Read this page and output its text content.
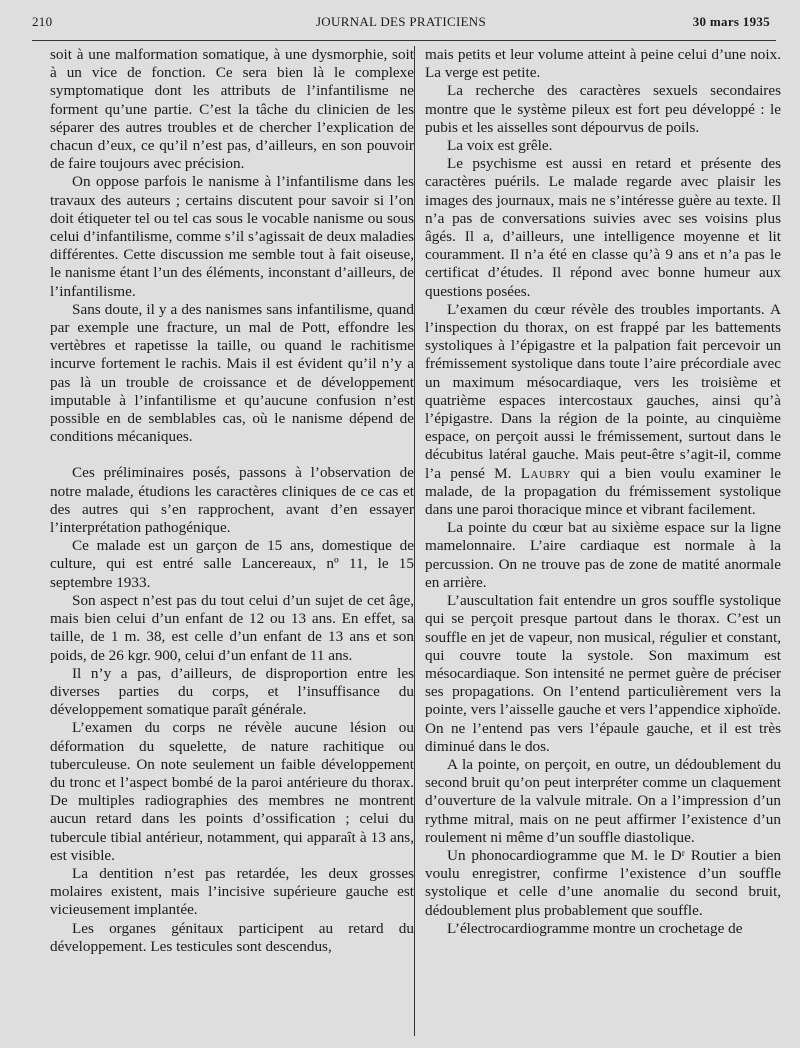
210	JOURNAL DES PRATICIENS	30 mars 1935

soit à une malformation somatique, à une dysmorphie, soit à un vice de fonction. Ce sera bien là le complexe symptomatique dont les attributs de l’infantilisme ne forment qu’une partie. C’est la tâche du clinicien de les séparer des autres troubles et de chercher l’explication de chacun d’eux, ce qu’il n’est pas, d’ailleurs, en son pouvoir de faire toujours avec précision.

On oppose parfois le nanisme à l’infantilisme dans les travaux des auteurs ; certains discutent pour savoir si l’on doit étiqueter tel ou tel cas sous le vocable nanisme ou sous celui d’infantilisme, comme s’il s’agissait de deux maladies différentes. Cette discussion me semble tout à fait oiseuse, le nanisme étant l’un des éléments, inconstant d’ailleurs, de l’infantilisme.

Sans doute, il y a des nanismes sans infantilisme, quand par exemple une fracture, un mal de Pott, effondre les vertèbres et rapetisse la taille, ou quand le rachitisme incurve fortement le rachis. Mais il est évident qu’il n’y a pas là un trouble de croissance et de développement imputable à l’infantilisme et qu’aucune confusion n’est possible en de semblables cas, où le nanisme dépend de conditions mécaniques.

Ces préliminaires posés, passons à l’observation de notre malade, étudions les caractères cliniques de ce cas et des autres qui s’en rapprochent, avant d’en essayer l’interprétation pathogénique.

Ce malade est un garçon de 15 ans, domestique de culture, qui est entré salle Lancereaux, nº 11, le 15 septembre 1933.

Son aspect n’est pas du tout celui d’un sujet de cet âge, mais bien celui d’un enfant de 12 ou 13 ans. En effet, sa taille, de 1 m. 38, est celle d’un enfant de 13 ans et son poids, de 26 kgr. 900, celui d’un enfant de 11 ans.

Il n’y a pas, d’ailleurs, de disproportion entre les diverses parties du corps, et l’insuffisance du développement somatique paraît générale.

L’examen du corps ne révèle aucune lésion ou déformation du squelette, de nature rachitique ou tuberculeuse. On note seulement un faible développement du tronc et l’aspect bombé de la paroi antérieure du thorax. De multiples radiographies des membres ne montrent aucun retard dans les points d’ossification ; celui du tubercule tibial antérieur, notamment, qui apparaît à 13 ans, est visible.

La dentition n’est pas retardée, les deux grosses molaires existent, mais l’incisive supérieure gauche est vicieusement implantée.

Les organes génitaux participent au retard du développement. Les testicules sont descendus,

mais petits et leur volume atteint à peine celui d’une noix. La verge est petite.

La recherche des caractères sexuels secondaires montre que le système pileux est fort peu développé : le pubis et les aisselles sont dépourvus de poils.

La voix est grêle.

Le psychisme est aussi en retard et présente des caractères puérils. Le malade regarde avec plaisir les images des journaux, mais ne s’intéresse guère au texte. Il n’a pas de conversations suivies avec ses voisins plus âgés. Il a, d’ailleurs, une intelligence moyenne et lit couramment. Il n’a été en classe qu’à 9 ans et n’a pas le certificat d’études. Il répond avec bonne humeur aux questions posées.

L’examen du cœur révèle des troubles importants. A l’inspection du thorax, on est frappé par les battements systoliques à l’épigastre et la palpation fait percevoir un frémissement systolique dans toute l’aire précordiale avec un maximum mésocardiaque, vers les troisième et quatrième espaces intercostaux gauches, ainsi qu’à l’épigastre. Dans la région de la pointe, au cinquième espace, on perçoit aussi le frémissement, surtout dans le décubitus latéral gauche. Mais peut-être s’agit-il, comme l’a pensé M. Laubry qui a bien voulu examiner le malade, de la propagation du frémissement systolique dans une paroi thoracique mince et vibrant facilement.

La pointe du cœur bat au sixième espace sur la ligne mamelonnaire. L’aire cardiaque est normale à la percussion. On ne trouve pas de zone de matité anormale en arrière.

L’auscultation fait entendre un gros souffle systolique qui se perçoit presque partout dans le thorax. C’est un souffle en jet de vapeur, non musical, régulier et constant, qui couvre toute la systole. Son maximum est mésocardiaque. Son intensité ne permet guère de préciser ses propagations. On l’entend particulièrement vers la pointe, vers l’aisselle gauche et vers l’appendice xiphoïde. On ne l’entend pas vers l’épaule gauche, et il est très diminué dans le dos.

A la pointe, on perçoit, en outre, un dédoublement du second bruit qu’on peut interpréter comme un claquement d’ouverture de la valvule mitrale. On a l’impression d’un rythme mitral, mais on ne peut affirmer l’existence d’un roulement ni même d’un souffle diastolique.

Un phonocardiogramme que M. le Dʳ Routier a bien voulu enregistrer, confirme l’existence d’un souffle systolique et celle d’une anomalie du second bruit, dédoublement plus probablement que souffle.

L’électrocardiogramme montre un crochetage de
